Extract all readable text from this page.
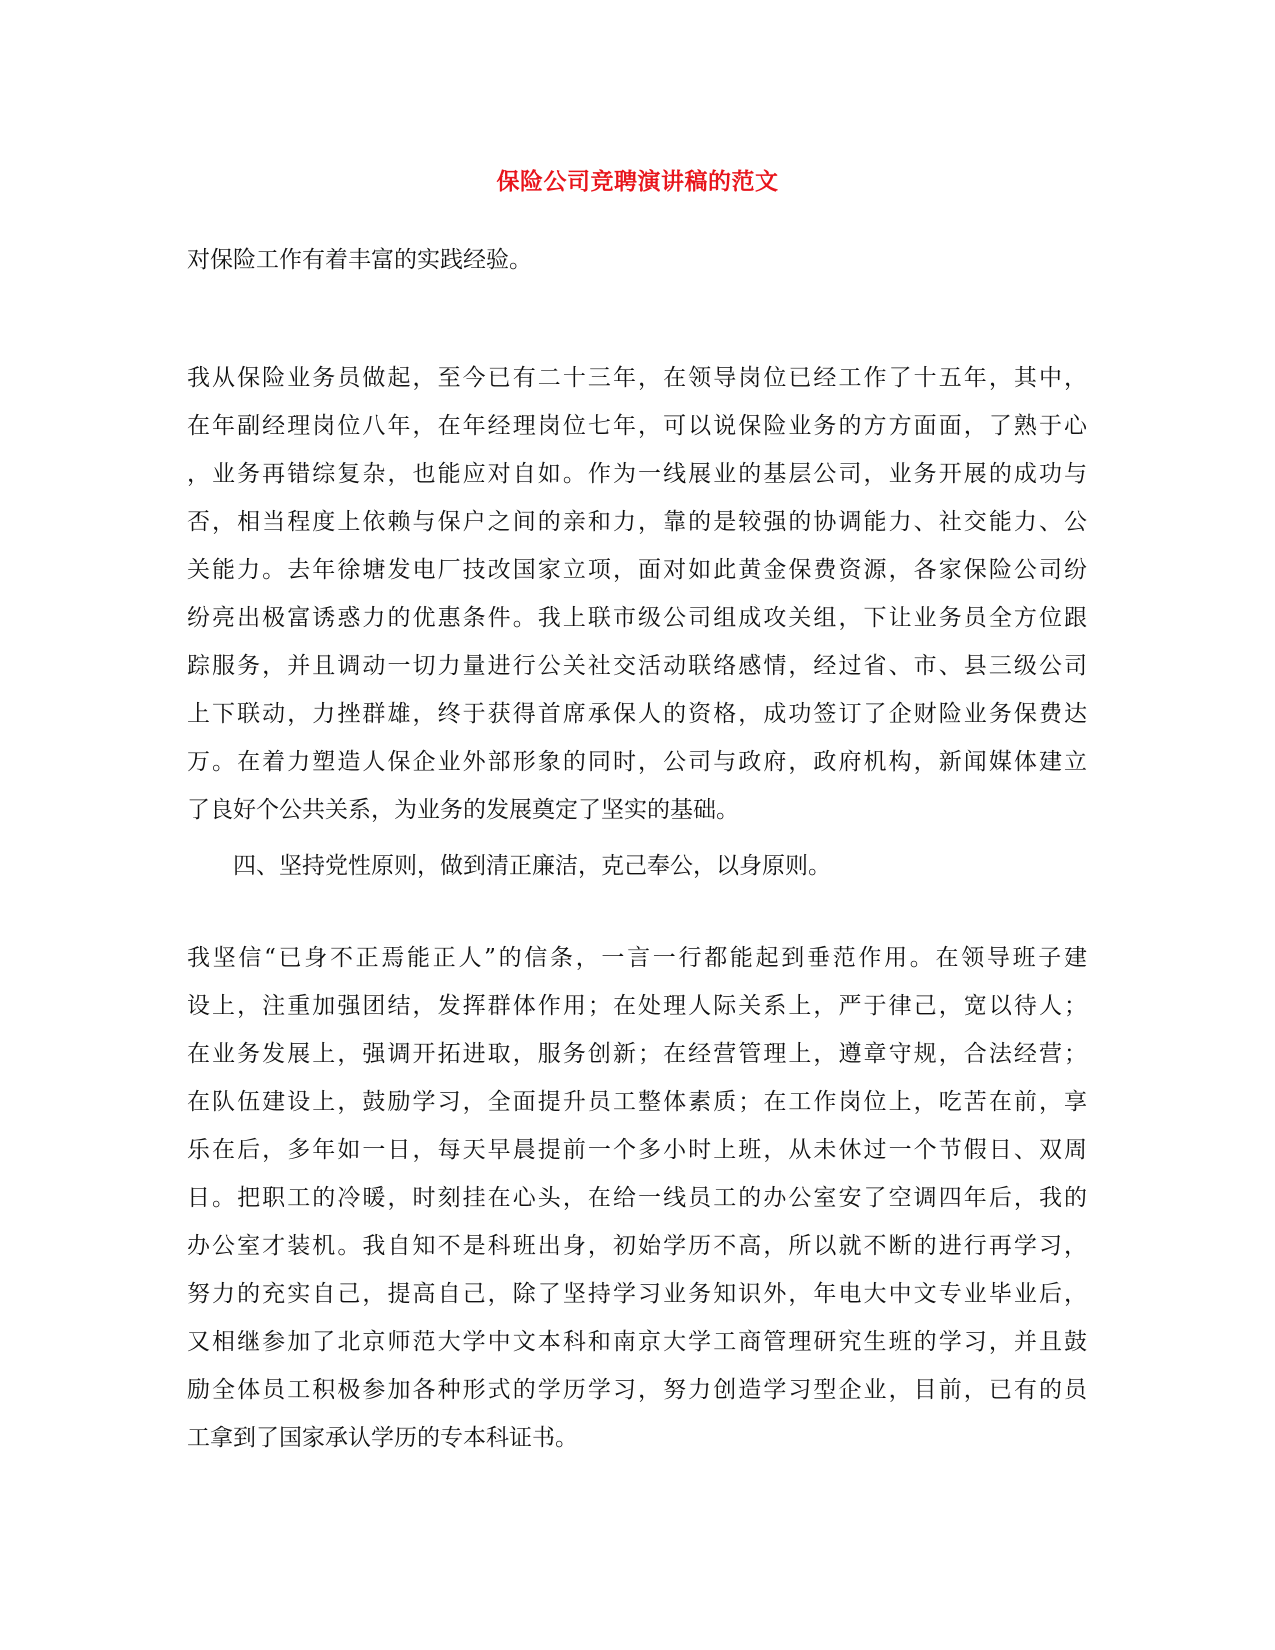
保险公司竞聘演讲稿的范文
对保险工作有着丰富的实践经验。
我从保险业务员做起，至今已有二十三年，在领导岗位已经工作了十五年，其中，
在年副经理岗位八年，在年经理岗位七年，可以说保险业务的方方面面，了熟于心
，业务再错综复杂，也能应对自如。作为一线展业的基层公司，业务开展的成功与
否，相当程度上依赖与保户之间的亲和力，靠的是较强的协调能力、社交能力、公
关能力。去年徐塘发电厂技改国家立项，面对如此黄金保费资源，各家保险公司纷
纷亮出极富诱惑力的优惠条件。我上联市级公司组成攻关组，下让业务员全方位跟
踪服务，并且调动一切力量进行公关社交活动联络感情，经过省、市、县三级公司
上下联动，力挫群雄，终于获得首席承保人的资格，成功签订了企财险业务保费达
万。在着力塑造人保企业外部形象的同时，公司与政府，政府机构，新闻媒体建立
了良好个公共关系，为业务的发展奠定了坚实的基础。
四、坚持党性原则，做到清正廉洁，克己奉公，以身原则。
我坚信“已身不正焉能正人”的信条，一言一行都能起到垂范作用。在领导班子建
设上，注重加强团结，发挥群体作用；在处理人际关系上，严于律己，宽以待人；
在业务发展上，强调开拓进取，服务创新；在经营管理上，遵章守规，合法经营；
在队伍建设上，鼓励学习，全面提升员工整体素质；在工作岗位上，吃苦在前，享
乐在后，多年如一日，每天早晨提前一个多小时上班，从未休过一个节假日、双周
日。把职工的冷暖，时刻挂在心头，在给一线员工的办公室安了空调四年后，我的
办公室才装机。我自知不是科班出身，初始学历不高，所以就不断的进行再学习，
努力的充实自己，提高自己，除了坚持学习业务知识外，年电大中文专业毕业后，
又相继参加了北京师范大学中文本科和南京大学工商管理研究生班的学习，并且鼓
励全体员工积极参加各种形式的学历学习，努力创造学习型企业，目前，已有的员
工拿到了国家承认学历的专本科证书。
